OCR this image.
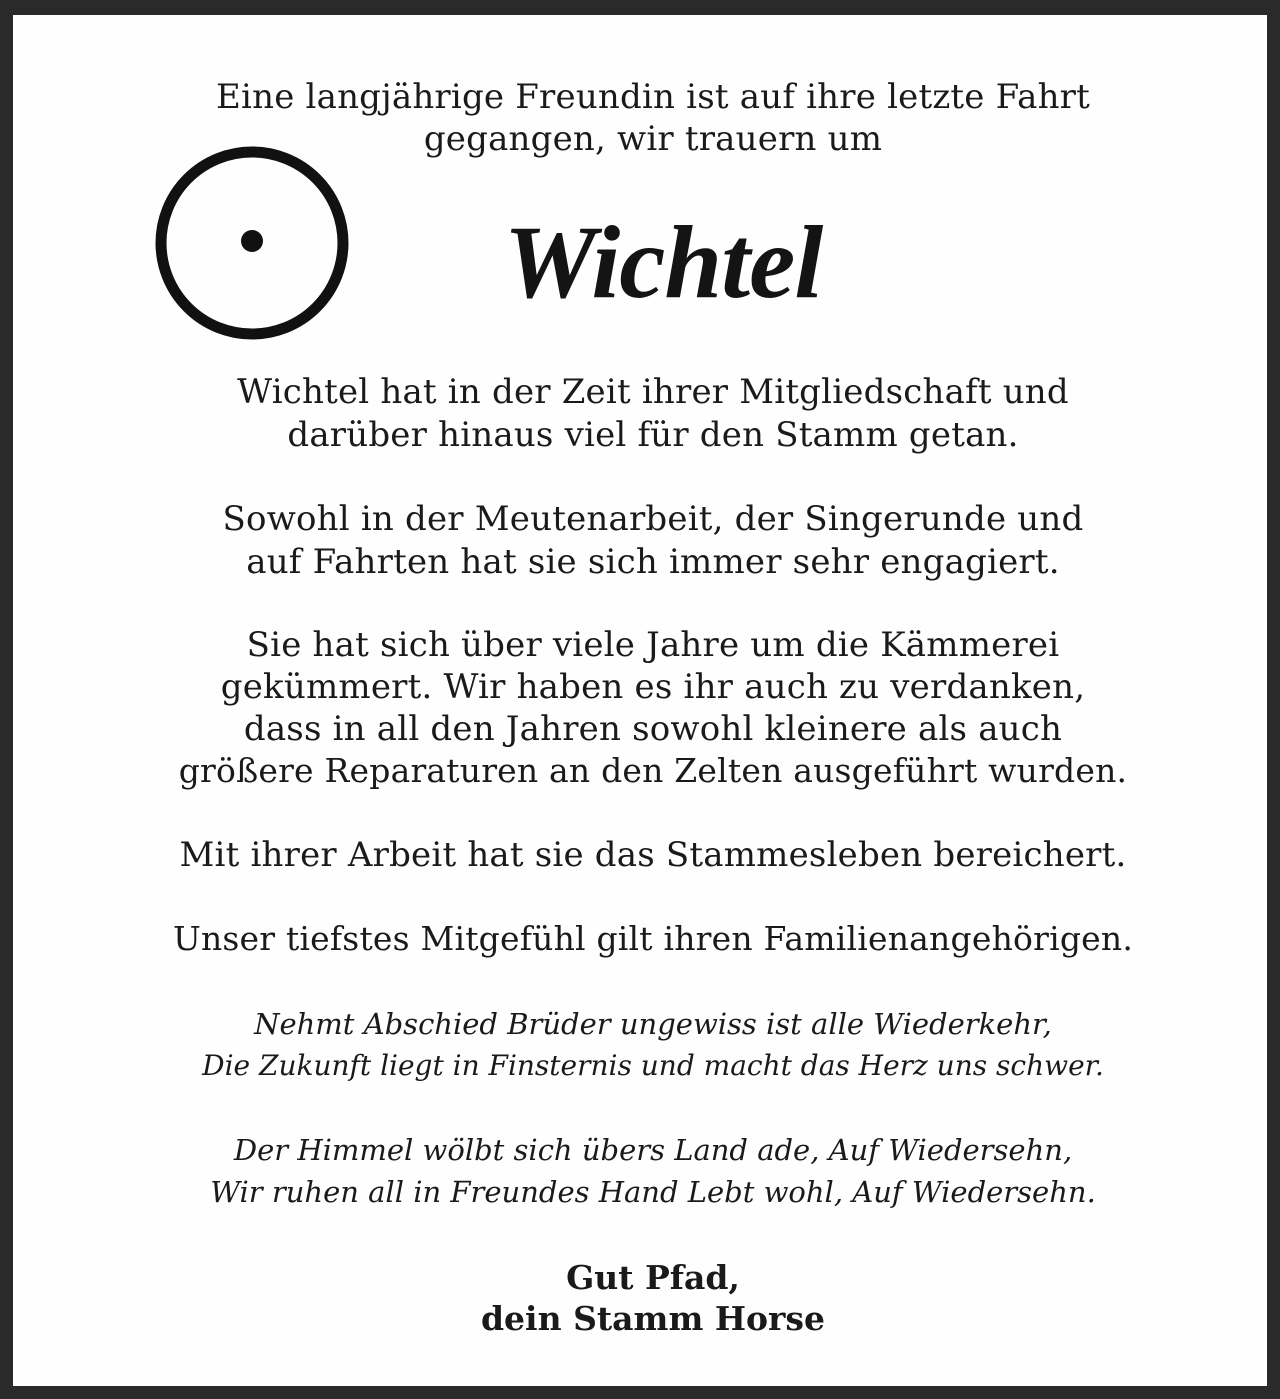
Eine langjährige Freundin ist auf ihre letzte Fahrt
gegangen, wir trauern um
Wichtel
Wichtel hat in der Zeit ihrer Mitgliedschaft und
darüber hinaus viel für den Stamm getan.
Sowohl in der Meutenarbeit, der Singerunde und
auf Fahrten hat sie sich immer sehr engagiert.
Sie hat sich über viele Jahre um die Kämmerei
gekümmert. Wir haben es ihr auch zu verdanken,
dass in all den Jahren sowohl kleinere als auch
größere Reparaturen an den Zelten ausgeführt wurden.
Mit ihrer Arbeit hat sie das Stammesleben bereichert.
Unser tiefstes Mitgefühl gilt ihren Familienangehörigen.
Nehmt Abschied Brüder ungewiss ist alle Wiederkehr,
Die Zukunft liegt in Finsternis und macht das Herz uns schwer.
Der Himmel wölbt sich übers Land ade, Auf Wiedersehn,
Wir ruhen all in Freundes Hand Lebt wohl, Auf Wiedersehn.
Gut Pfad,
dein Stamm Horse
